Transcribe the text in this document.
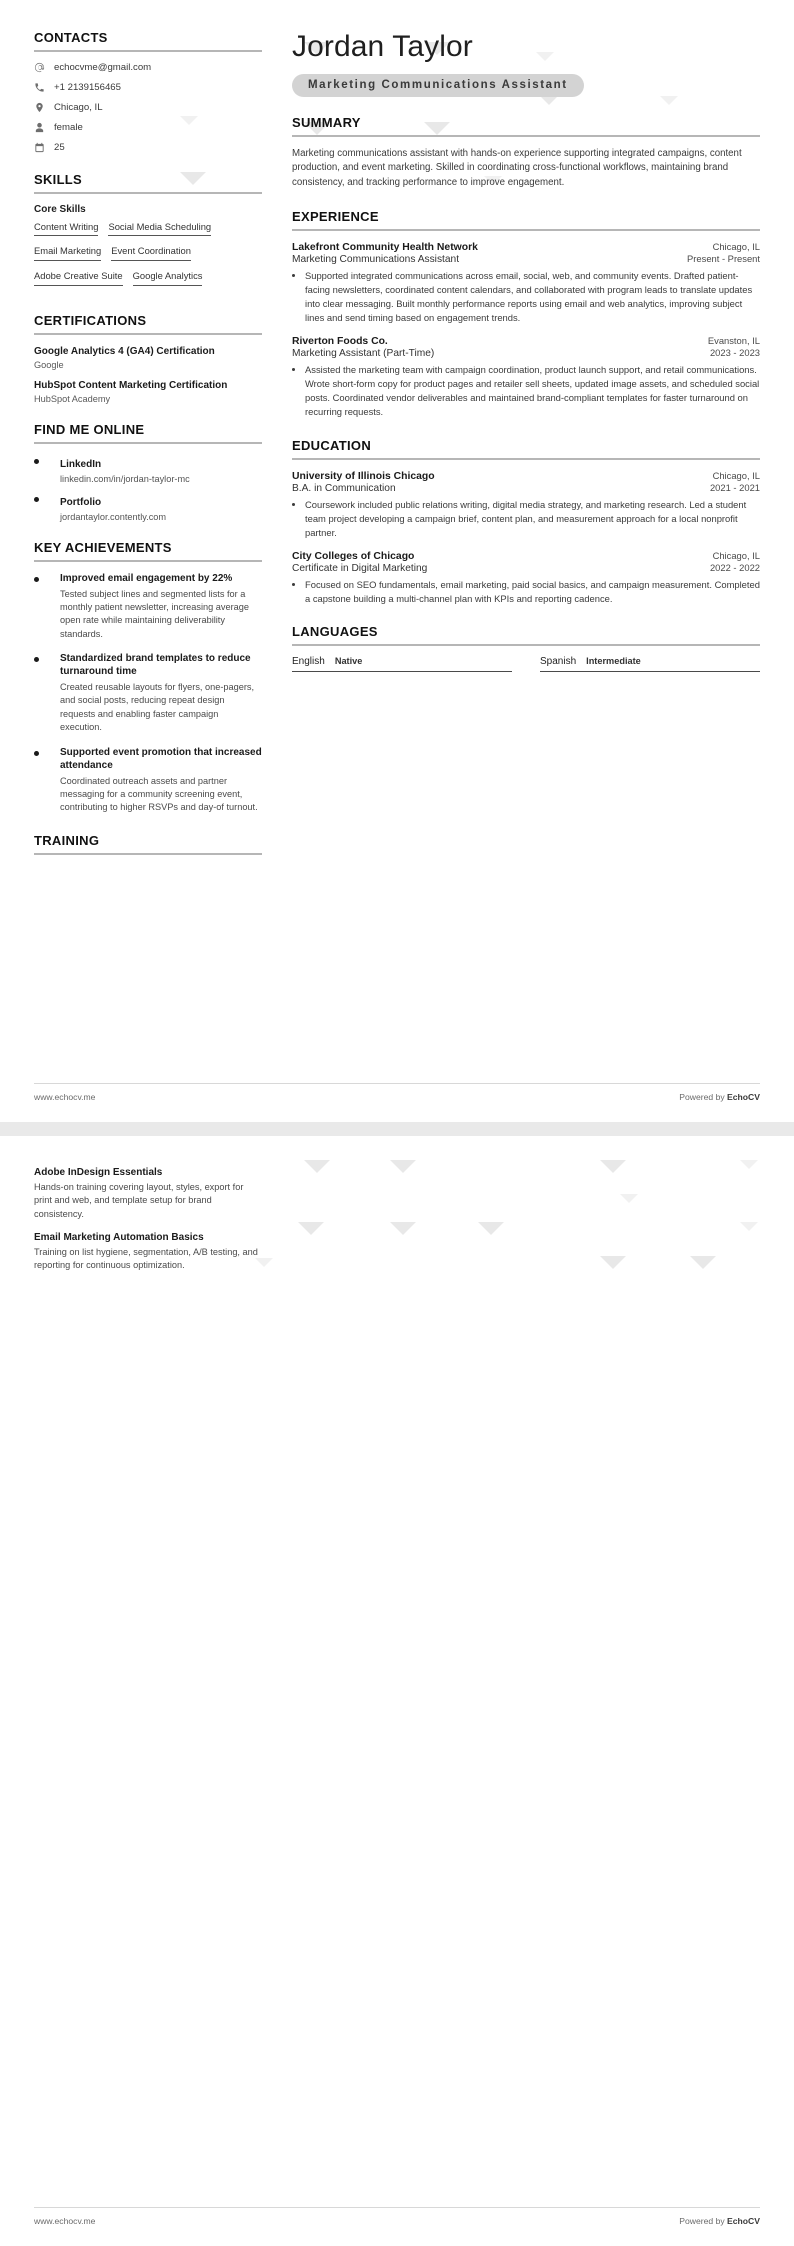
CONTACTS
echocvme@gmail.com
+1 2139156465
Chicago, IL
female
25
SKILLS
Core Skills
Content Writing Social Media Scheduling
Email Marketing Event Coordination
Adobe Creative Suite Google Analytics
CERTIFICATIONS
Google Analytics 4 (GA4) Certification
Google
HubSpot Content Marketing Certification
HubSpot Academy
FIND ME ONLINE
LinkedIn
linkedin.com/in/jordan-taylor-mc
Portfolio
jordantaylor.contently.com
KEY ACHIEVEMENTS
Improved email engagement by 22%
Tested subject lines and segmented lists for a monthly patient newsletter, increasing average open rate while maintaining deliverability standards.
Standardized brand templates to reduce turnaround time
Created reusable layouts for flyers, one-pagers, and social posts, reducing repeat design requests and enabling faster campaign execution.
Supported event promotion that increased attendance
Coordinated outreach assets and partner messaging for a community screening event, contributing to higher RSVPs and day-of turnout.
TRAINING
Jordan Taylor
Marketing Communications Assistant
SUMMARY

Marketing communications assistant with hands-on experience supporting integrated campaigns, content production, and event marketing. Skilled in coordinating cross-functional workflows, maintaining brand consistency, and tracking performance to improve engagement.

EXPERIENCE
Lakefront Community Health Network	Chicago, IL
Marketing Communications Assistant	Present - Present
• Supported integrated communications across email, social, web, and community events. Drafted patient-facing newsletters, coordinated content calendars, and collaborated with program leads to translate updates into clear messaging. Built monthly performance reports using email and web analytics, improving subject lines and send timing based on engagement trends.
Riverton Foods Co.	Evanston, IL
Marketing Assistant (Part-Time)	2023 - 2023
• Assisted the marketing team with campaign coordination, product launch support, and retail communications. Wrote short-form copy for product pages and retailer sell sheets, updated image assets, and scheduled social posts. Coordinated vendor deliverables and maintained brand-compliant templates for faster turnaround on recurring requests.
EDUCATION
University of Illinois Chicago	Chicago, IL
B.A. in Communication	2021 - 2021
• Coursework included public relations writing, digital media strategy, and marketing research. Led a student team project developing a campaign brief, content plan, and measurement approach for a local nonprofit partner.
City Colleges of Chicago	Chicago, IL
Certificate in Digital Marketing	2022 - 2022
• Focused on SEO fundamentals, email marketing, paid social basics, and campaign measurement. Completed a capstone building a multi-channel plan with KPIs and reporting cadence.
LANGUAGES
English Native	Spanish Intermediate
www.echocv.me	Powered by EchoCV
Adobe InDesign Essentials
Hands-on training covering layout, styles, export for print and web, and template setup for brand consistency.
Email Marketing Automation Basics
Training on list hygiene, segmentation, A/B testing, and reporting for continuous optimization.
www.echocv.me	Powered by EchoCV
